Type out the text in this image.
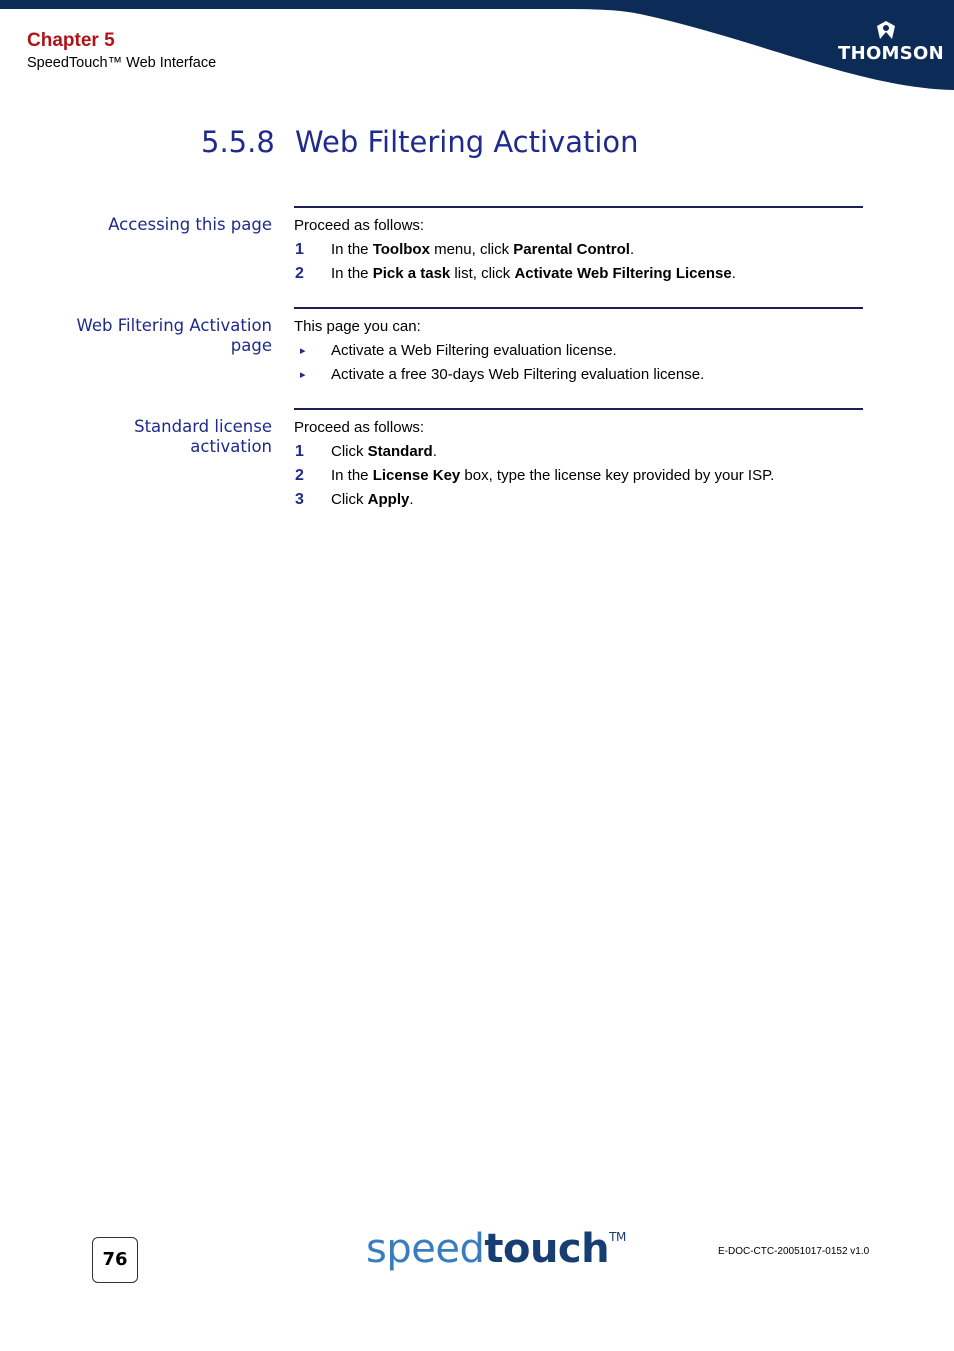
Chapter 5
SpeedTouch™ Web Interface	THOMSON
5.5.8 Web Filtering Activation
Accessing this page Proceed as follows:
1 In the Toolbox menu, click Parental Control.
2 In the Pick a task list, click Activate Web Filtering License.
Web Filtering Activation
page
This page you can:
▸ Activate a Web Filtering evaluation license.
▸ Activate a free 30-days Web Filtering evaluation license.
Standard license
activation
Proceed as follows:
1 Click Standard.
2 In the License Key box, type the license key provided by your ISP.
3 Click Apply.
76	speedtouch™
E-DOC-CTC-20051017-0152 v1.0
